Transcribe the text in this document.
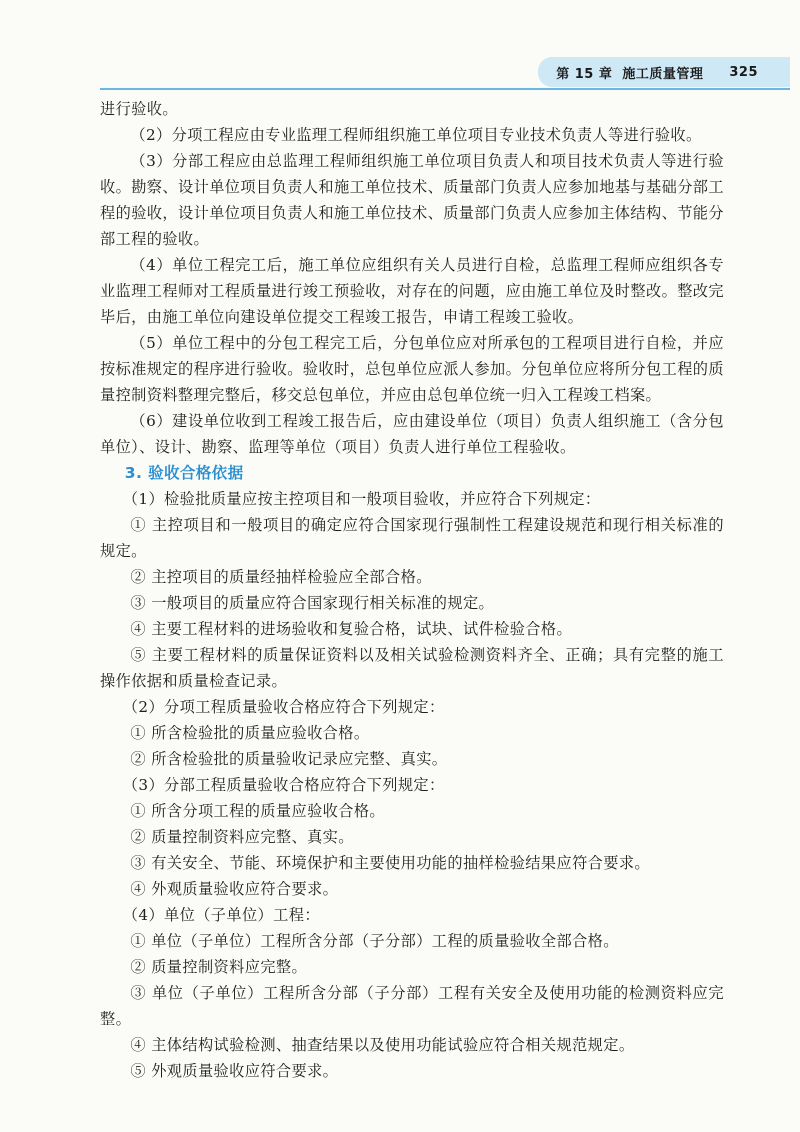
第 15 章 施工质量管理 325

进行验收。

（2）分项工程应由专业监理工程师组织施工单位项目专业技术负责人等进行验收。

（3）分部工程应由总监理工程师组织施工单位项目负责人和项目技术负责人等进行验收。勘察、设计单位项目负责人和施工单位技术、质量部门负责人应参加地基与基础分部工程的验收，设计单位项目负责人和施工单位技术、质量部门负责人应参加主体结构、节能分部工程的验收。

（4）单位工程完工后，施工单位应组织有关人员进行自检，总监理工程师应组织各专业监理工程师对工程质量进行竣工预验收，对存在的问题，应由施工单位及时整改。整改完毕后，由施工单位向建设单位提交工程竣工报告，申请工程竣工验收。

（5）单位工程中的分包工程完工后，分包单位应对所承包的工程项目进行自检，并应按标准规定的程序进行验收。验收时，总包单位应派人参加。分包单位应将所分包工程的质量控制资料整理完整后，移交总包单位，并应由总包单位统一归入工程竣工档案。

（6）建设单位收到工程竣工报告后，应由建设单位（项目）负责人组织施工（含分包单位）、设计、勘察、监理等单位（项目）负责人进行单位工程验收。

3. 验收合格依据

（1）检验批质量应按主控项目和一般项目验收，并应符合下列规定：

① 主控项目和一般项目的确定应符合国家现行强制性工程建设规范和现行相关标准的规定。

② 主控项目的质量经抽样检验应全部合格。

③ 一般项目的质量应符合国家现行相关标准的规定。

④ 主要工程材料的进场验收和复验合格，试块、试件检验合格。

⑤ 主要工程材料的质量保证资料以及相关试验检测资料齐全、正确；具有完整的施工操作依据和质量检查记录。

（2）分项工程质量验收合格应符合下列规定：

① 所含检验批的质量应验收合格。

② 所含检验批的质量验收记录应完整、真实。

（3）分部工程质量验收合格应符合下列规定：

① 所含分项工程的质量应验收合格。

② 质量控制资料应完整、真实。

③ 有关安全、节能、环境保护和主要使用功能的抽样检验结果应符合要求。

④ 外观质量验收应符合要求。

（4）单位（子单位）工程：

① 单位（子单位）工程所含分部（子分部）工程的质量验收全部合格。

② 质量控制资料应完整。

③ 单位（子单位）工程所含分部（子分部）工程有关安全及使用功能的检测资料应完整。

④ 主体结构试验检测、抽查结果以及使用功能试验应符合相关规范规定。

⑤ 外观质量验收应符合要求。
